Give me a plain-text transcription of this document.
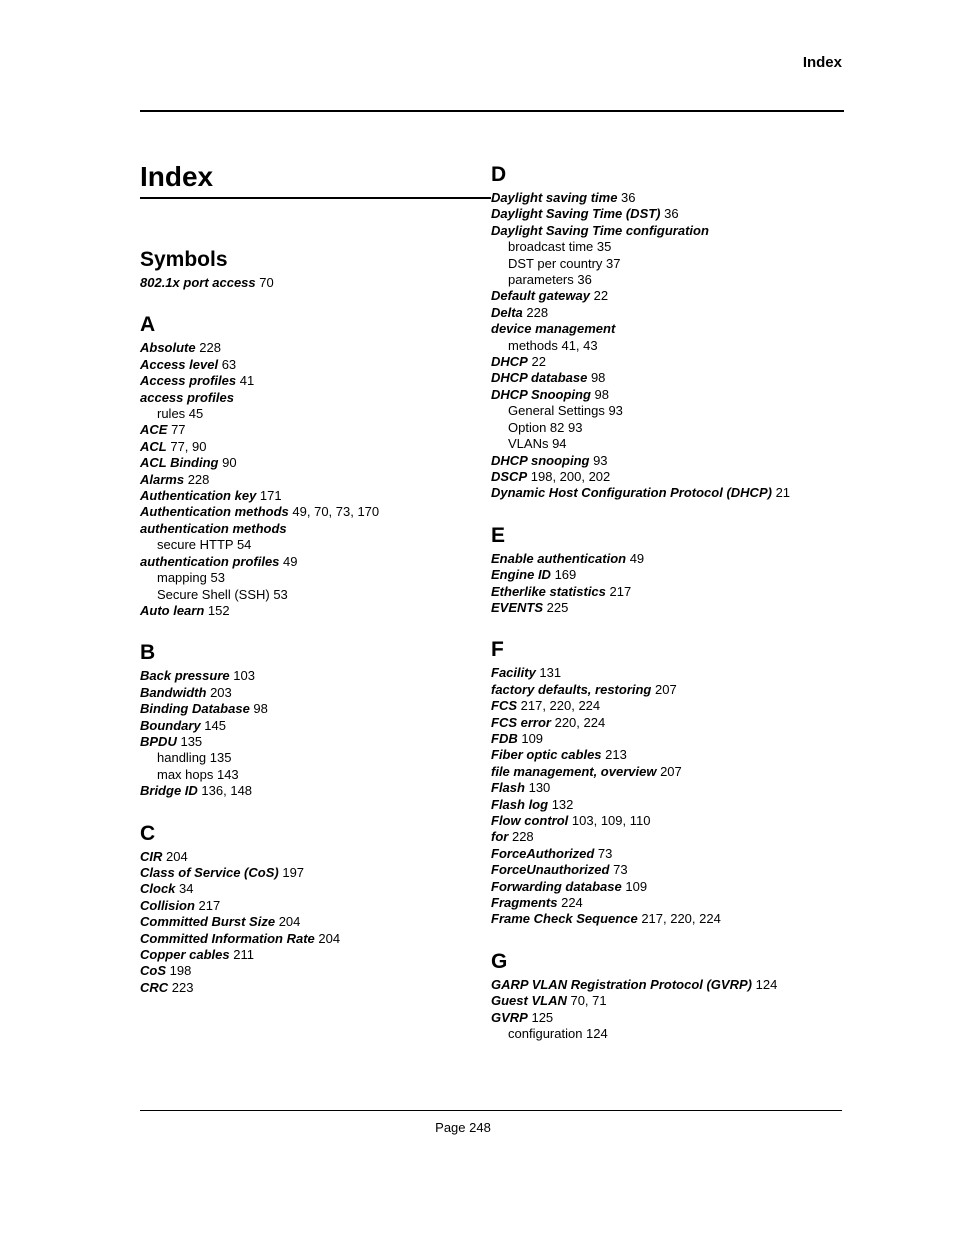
Index
Index
Symbols
802.1x port access 70
A
Absolute 228
Access level 63
Access profiles 41
access profiles
rules 45
ACE 77
ACL 77, 90
ACL Binding 90
Alarms 228
Authentication key 171
Authentication methods 49, 70, 73, 170
authentication methods
secure HTTP 54
authentication profiles 49
mapping 53
Secure Shell (SSH) 53
Auto learn 152
B
Back pressure 103
Bandwidth 203
Binding Database 98
Boundary 145
BPDU 135
handling 135
max hops 143
Bridge ID 136, 148
C
CIR 204
Class of Service (CoS) 197
Clock 34
Collision 217
Committed Burst Size 204
Committed Information Rate 204
Copper cables 211
CoS 198
CRC 223
D
Daylight saving time 36
Daylight Saving Time (DST) 36
Daylight Saving Time configuration
broadcast time 35
DST per country 37
parameters 36
Default gateway 22
Delta 228
device management
methods 41, 43
DHCP 22
DHCP database 98
DHCP Snooping 98
General Settings 93
Option 82 93
VLANs 94
DHCP snooping 93
DSCP 198, 200, 202
Dynamic Host Configuration Protocol (DHCP) 21
E
Enable authentication 49
Engine ID 169
Etherlike statistics 217
EVENTS 225
F
Facility 131
factory defaults, restoring 207
FCS 217, 220, 224
FCS error 220, 224
FDB 109
Fiber optic cables 213
file management, overview 207
Flash 130
Flash log 132
Flow control 103, 109, 110
for 228
ForceAuthorized 73
ForceUnauthorized 73
Forwarding database 109
Fragments 224
Frame Check Sequence 217, 220, 224
G
GARP VLAN Registration Protocol (GVRP) 124
Guest VLAN 70, 71
GVRP 125
configuration 124
Page 248
